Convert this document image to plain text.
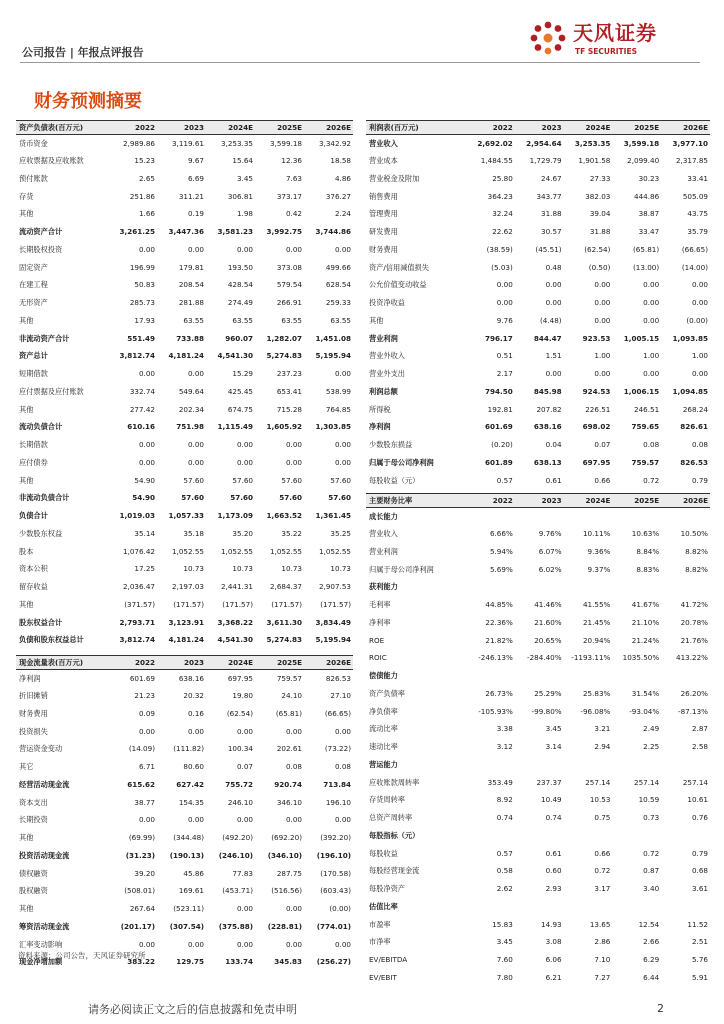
公司报告 | 年报点评报告
天风证券
TF SECURITIES
财务预测摘要
资产负债表(百万元)	2022	2023	2024E	2025E	2026E
货币资金	2,989.86	3,119.61	3,253.35	3,599.18	3,342.92
应收票据及应收账款	15.23	9.67	15.64	12.36	18.58
预付账款	2.65	6.69	3.45	7.63	4.86
存货	251.86	311.21	306.81	373.17	376.27
其他	1.66	0.19	1.98	0.42	2.24
流动资产合计	3,261.25	3,447.36	3,581.23	3,992.75	3,744.86
长期股权投资	0.00	0.00	0.00	0.00	0.00
固定资产	196.99	179.81	193.50	373.08	499.66
在建工程	50.83	208.54	428.54	579.54	628.54
无形资产	285.73	281.88	274.49	266.91	259.33
其他	17.93	63.55	63.55	63.55	63.55
非流动资产合计	551.49	733.88	960.07	1,282.07	1,451.08
资产总计	3,812.74	4,181.24	4,541.30	5,274.83	5,195.94
短期借款	0.00	0.00	15.29	237.23	0.00
应付票据及应付账款	332.74	549.64	425.45	653.41	538.99
其他	277.42	202.34	674.75	715.28	764.85
流动负债合计	610.16	751.98	1,115.49	1,605.92	1,303.85
长期借款	0.00	0.00	0.00	0.00	0.00
应付债券	0.00	0.00	0.00	0.00	0.00
其他	54.90	57.60	57.60	57.60	57.60
非流动负债合计	54.90	57.60	57.60	57.60	57.60
负债合计	1,019.03	1,057.33	1,173.09	1,663.52	1,361.45
少数股东权益	35.14	35.18	35.20	35.22	35.25
股本	1,076.42	1,052.55	1,052.55	1,052.55	1,052.55
资本公积	17.25	10.73	10.73	10.73	10.73
留存收益	2,036.47	2,197.03	2,441.31	2,684.37	2,907.53
其他	(371.57)	(171.57)	(171.57)	(171.57)	(171.57)
股东权益合计	2,793.71	3,123.91	3,368.22	3,611.30	3,834.49
负债和股东权益总计	3,812.74	4,181.24	4,541.30	5,274.83	5,195.94
利润表(百万元)	2022	2023	2024E	2025E	2026E
营业收入	2,692.02	2,954.64	3,253.35	3,599.18	3,977.10
营业成本	1,484.55	1,729.79	1,901.58	2,099.40	2,317.85
营业税金及附加	25.80	24.67	27.33	30.23	33.41
销售费用	364.23	343.77	382.03	444.86	505.09
管理费用	32.24	31.88	39.04	38.87	43.75
研发费用	22.62	30.57	31.88	33.47	35.79
财务费用	(38.59)	(45.51)	(62.54)	(65.81)	(66.65)
资产/信用减值损失	(5.03)	0.48	(0.50)	(13.00)	(14.00)
公允价值变动收益	0.00	0.00	0.00	0.00	0.00
投资净收益	0.00	0.00	0.00	0.00	0.00
其他	9.76	(4.48)	0.00	0.00	(0.00)
营业利润	796.17	844.47	923.53	1,005.15	1,093.85
营业外收入	0.51	1.51	1.00	1.00	1.00
营业外支出	2.17	0.00	0.00	0.00	0.00
利润总额	794.50	845.98	924.53	1,006.15	1,094.85
所得税	192.81	207.82	226.51	246.51	268.24
净利润	601.69	638.16	698.02	759.65	826.61
少数股东损益	(0.20)	0.04	0.07	0.08	0.08
归属于母公司净利润	601.89	638.13	697.95	759.57	826.53
每股收益（元）	0.57	0.61	0.66	0.72	0.79
主要财务比率	2022	2023	2024E	2025E	2026E
成长能力					
营业收入	6.66%	9.76%	10.11%	10.63%	10.50%
营业利润	5.94%	6.07%	9.36%	8.84%	8.82%
归属于母公司净利润	5.69%	6.02%	9.37%	8.83%	8.82%
获利能力					
毛利率	44.85%	41.46%	41.55%	41.67%	41.72%
净利率	22.36%	21.60%	21.45%	21.10%	20.78%
ROE	21.82%	20.65%	20.94%	21.24%	21.76%
ROIC	-246.13%	-284.40%	-1193.11%	1035.50%	413.22%
偿债能力					
资产负债率	26.73%	25.29%	25.83%	31.54%	26.20%
净负债率	-105.93%	-99.80%	-96.08%	-93.04%	-87.13%
流动比率	3.38	3.45	3.21	2.49	2.87
速动比率	3.12	3.14	2.94	2.25	2.58
营运能力					
应收账款周转率	353.49	237.37	257.14	257.14	257.14
存货周转率	8.92	10.49	10.53	10.59	10.61
总资产周转率	0.74	0.74	0.75	0.73	0.76
每股指标（元）					
每股收益	0.57	0.61	0.66	0.72	0.79
每股经营现金流	0.58	0.60	0.72	0.87	0.68
每股净资产	2.62	2.93	3.17	3.40	3.61
估值比率					
市盈率	15.83	14.93	13.65	12.54	11.52
市净率	3.45	3.08	2.86	2.66	2.51
EV/EBITDA	7.60	6.06	7.10	6.29	5.76
EV/EBIT	7.80	6.21	7.27	6.44	5.91
现金流量表(百万元)	2022	2023	2024E	2025E	2026E
净利润	601.69	638.16	697.95	759.57	826.53
折旧摊销	21.23	20.32	19.80	24.10	27.10
财务费用	0.09	0.16	(62.54)	(65.81)	(66.65)
投资损失	0.00	0.00	0.00	0.00	0.00
营运资金变动	(14.09)	(111.82)	100.34	202.61	(73.22)
其它	6.71	80.60	0.07	0.08	0.08
经营活动现金流	615.62	627.42	755.72	920.74	713.84
资本支出	38.77	154.35	246.10	346.10	196.10
长期投资	0.00	0.00	0.00	0.00	0.00
其他	(69.99)	(344.48)	(492.20)	(692.20)	(392.20)
投资活动现金流	(31.23)	(190.13)	(246.10)	(346.10)	(196.10)
债权融资	39.20	45.86	77.83	287.75	(170.58)
股权融资	(508.01)	169.61	(453.71)	(516.56)	(603.43)
其他	267.64	(523.11)	0.00	0.00	(0.00)
筹资活动现金流	(201.17)	(307.54)	(375.88)	(228.81)	(774.01)
汇率变动影响	0.00	0.00	0.00	0.00	0.00
现金净增加额	383.22	129.75	133.74	345.83	(256.27)
资料来源：公司公告，天风证券研究所
请务必阅读正文之后的信息披露和免责申明	2
